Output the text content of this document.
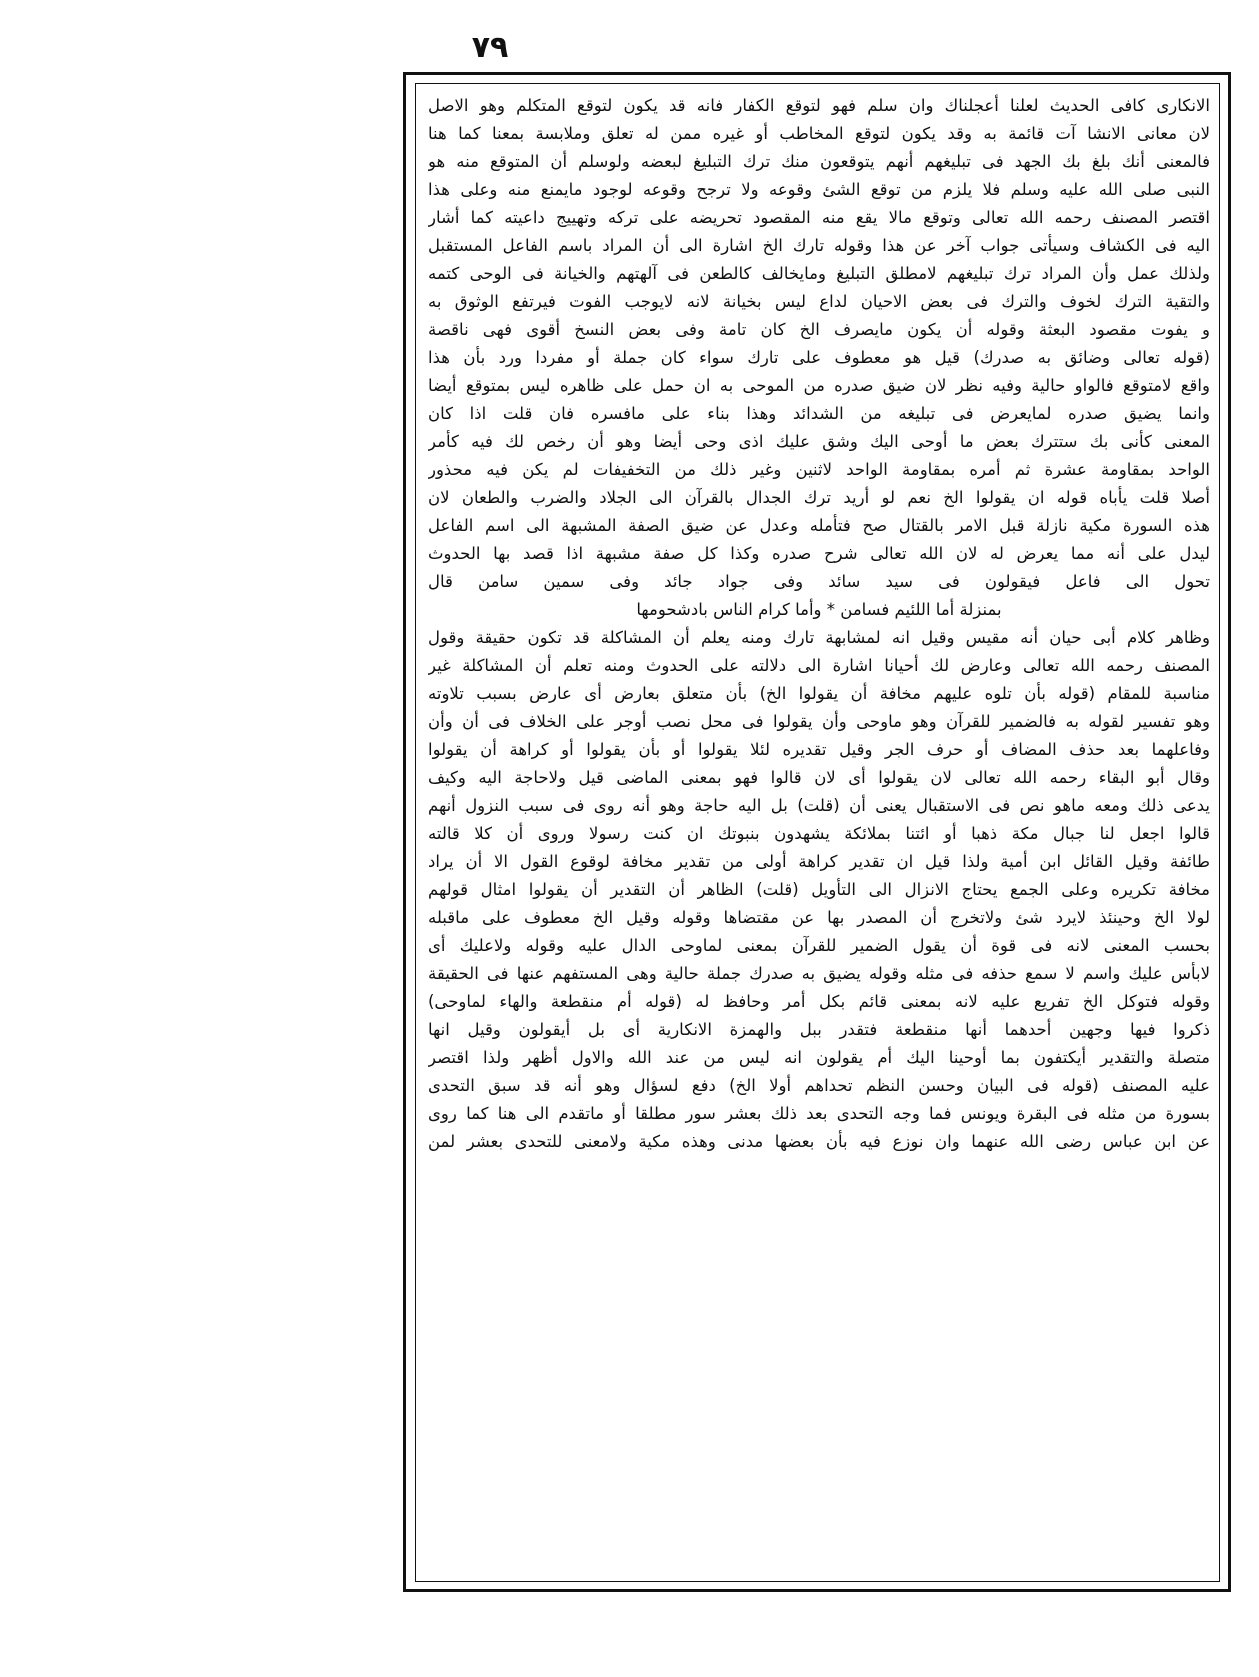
٧٩
الانكارى كافى الحديث لعلنا أعجلناك وان سلم فهو لتوقع الكفار فانه قد يكون لتوقع المتكلم وهو الاصل
لان معانى الانشا آت قائمة به وقد يكون لتوقع المخاطب أو غيره ممن له تعلق وملابسة بمعنا كما هنا
فالمعنى أنك بلغ بك الجهد فى تبليغهم أنهم يتوقعون منك ترك التبليغ لبعضه ولوسلم أن المتوقع منه هو
النبى صلى الله عليه وسلم فلا يلزم من توقع الشئ وقوعه ولا ترجح وقوعه لوجود مايمنع منه وعلى هذا
اقتصر المصنف رحمه الله تعالى وتوقع مالا يقع منه المقصود تحريضه على تركه وتهييج داعيته كما أشار
اليه فى الكشاف وسيأتى جواب آخر عن هذا وقوله تارك الخ اشارة الى أن المراد باسم الفاعل المستقبل
ولذلك عمل وأن المراد ترك تبليغهم لامطلق التبليغ ومايخالف كالطعن فى آلهتهم والخيانة فى الوحى كتمه
والتقية الترك لخوف والترك فى بعض الاحيان لداع ليس بخيانة لانه لايوجب الفوت فيرتفع الوثوق به
و يفوت مقصود البعثة وقوله أن يكون مايصرف الخ كان تامة وفى بعض النسخ أقوى فهى ناقصة
(قوله تعالى وضائق به صدرك) قيل هو معطوف على تارك سواء كان جملة أو مفردا ورد بأن هذا
واقع لامتوقع فالواو حالية وفيه نظر لان ضيق صدره من الموحى به ان حمل على ظاهره ليس بمتوقع أيضا
وانما يضيق صدره لمايعرض فى تبليغه من الشدائد وهذا بناء على مافسره فان قلت اذا كان
المعنى كأنى بك ستترك بعض ما أوحى اليك وشق عليك اذى وحى أيضا وهو أن رخص لك فيه كأمر
الواحد بمقاومة عشرة ثم أمره بمقاومة الواحد لاثنين وغير ذلك من التخفيفات لم يكن فيه محذور
أصلا قلت يأباه قوله ان يقولوا الخ نعم لو أريد ترك الجدال بالقرآن الى الجلاد والضرب والطعان لان
هذه السورة مكية نازلة قبل الامر بالقتال صح فتأمله وعدل عن ضيق الصفة المشبهة الى اسم الفاعل
ليدل على أنه مما يعرض له لان الله تعالى شرح صدره وكذا كل صفة مشبهة اذا قصد بها الحدوث
تحول الى فاعل فيقولون فى سيد سائد وفى جواد جائد وفى سمين سامن قال
بمنزلة أما اللئيم فسامن * وأما كرام الناس بادشحومها
وظاهر كلام أبى حيان أنه مقيس وقيل انه لمشابهة تارك ومنه يعلم أن المشاكلة قد تكون حقيقة وقول
المصنف رحمه الله تعالى وعارض لك أحيانا اشارة الى دلالته على الحدوث ومنه تعلم أن المشاكلة غير
مناسبة للمقام (قوله بأن تلوه عليهم مخافة أن يقولوا الخ) بأن متعلق بعارض أى عارض بسبب تلاوته
وهو تفسير لقوله به فالضمير للقرآن وهو ماوحى وأن يقولوا فى محل نصب أوجر على الخلاف فى أن وأن
وفاعلهما بعد حذف المضاف أو حرف الجر وقيل تقديره لئلا يقولوا أو بأن يقولوا أو كراهة أن يقولوا
وقال أبو البقاء رحمه الله تعالى لان يقولوا أى لان قالوا فهو بمعنى الماضى قيل ولاحاجة اليه وكيف
يدعى ذلك ومعه ماهو نص فى الاستقبال يعنى أن (قلت) بل اليه حاجة وهو أنه روى فى سبب النزول أنهم
قالوا اجعل لنا جبال مكة ذهبا أو ائتنا بملائكة يشهدون بنبوتك ان كنت رسولا وروى أن كلا قالته
طائفة وقيل القائل ابن أمية ولذا قيل ان تقدير كراهة أولى من تقدير مخافة لوقوع القول الا أن يراد
مخافة تكريره وعلى الجمع يحتاج الانزال الى التأويل (قلت) الظاهر أن التقدير أن يقولوا امثال قولهم
لولا الخ وحينئذ لايرد شئ ولاتخرج أن المصدر بها عن مقتضاها وقوله وقيل الخ معطوف على ماقبله
بحسب المعنى لانه فى قوة أن يقول الضمير للقرآن بمعنى لماوحى الدال عليه وقوله ولاعليك أى
لابأس عليك واسم لا سمع حذفه فى مثله وقوله يضيق به صدرك جملة حالية وهى المستفهم عنها فى الحقيقة
وقوله فتوكل الخ تفريع عليه لانه بمعنى قائم بكل أمر وحافظ له (قوله أم منقطعة والهاء لماوحى)
ذكروا فيها وجهين أحدهما أنها منقطعة فتقدر ببل والهمزة الانكارية أى بل أيقولون وقيل انها
متصلة والتقدير أيكتفون بما أوحينا اليك أم يقولون انه ليس من عند الله والاول أظهر ولذا اقتصر
عليه المصنف (قوله فى البيان وحسن النظم تحداهم أولا الخ) دفع لسؤال وهو أنه قد سبق التحدى
بسورة من مثله فى البقرة ويونس فما وجه التحدى بعد ذلك بعشر سور مطلقا أو ماتقدم الى هنا كما روى
عن ابن عباس رضى الله عنهما وان نوزع فيه بأن بعضها مدنى وهذه مكية ولامعنى للتحدى بعشر لمن
